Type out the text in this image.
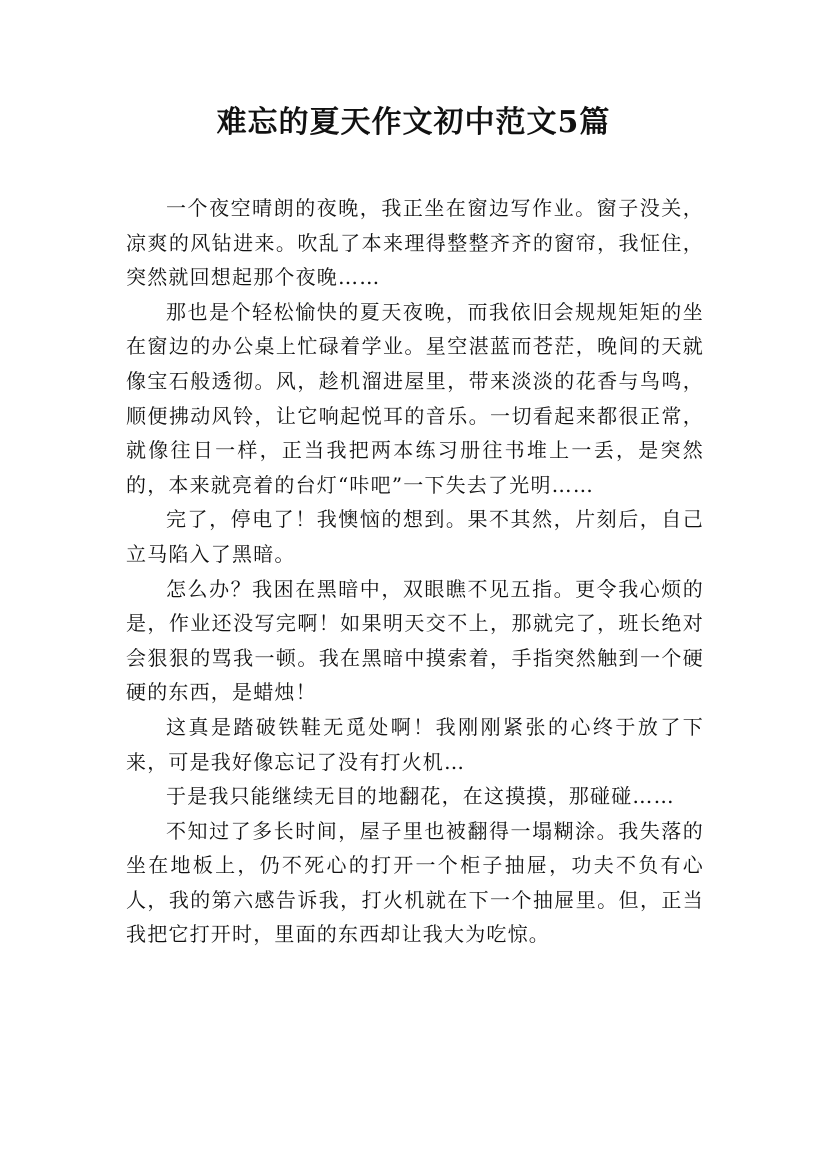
难忘的夏天作文初中范文5篇

一个夜空晴朗的夜晚，我正坐在窗边写作业。窗子没关，凉爽的风钻进来。吹乱了本来理得整整齐齐的窗帘，我怔住，突然就回想起那个夜晚……

那也是个轻松愉快的夏天夜晚，而我依旧会规规矩矩的坐在窗边的办公桌上忙碌着学业。星空湛蓝而苍茫，晚间的天就像宝石般透彻。风，趁机溜进屋里，带来淡淡的花香与鸟鸣，顺便拂动风铃，让它响起悦耳的音乐。一切看起来都很正常，就像往日一样，正当我把两本练习册往书堆上一丢，是突然的，本来就亮着的台灯“咔吧”一下失去了光明……

完了，停电了！我懊恼的想到。果不其然，片刻后，自己立马陷入了黑暗。

怎么办？我困在黑暗中，双眼瞧不见五指。更令我心烦的是，作业还没写完啊！如果明天交不上，那就完了，班长绝对会狠狠的骂我一顿。我在黑暗中摸索着，手指突然触到一个硬硬的东西，是蜡烛！

这真是踏破铁鞋无觅处啊！我刚刚紧张的心终于放了下来，可是我好像忘记了没有打火机…

于是我只能继续无目的地翻花，在这摸摸，那碰碰……

不知过了多长时间，屋子里也被翻得一塌糊涂。我失落的坐在地板上，仍不死心的打开一个柜子抽屉，功夫不负有心人，我的第六感告诉我，打火机就在下一个抽屉里。但，正当我把它打开时，里面的东西却让我大为吃惊。
